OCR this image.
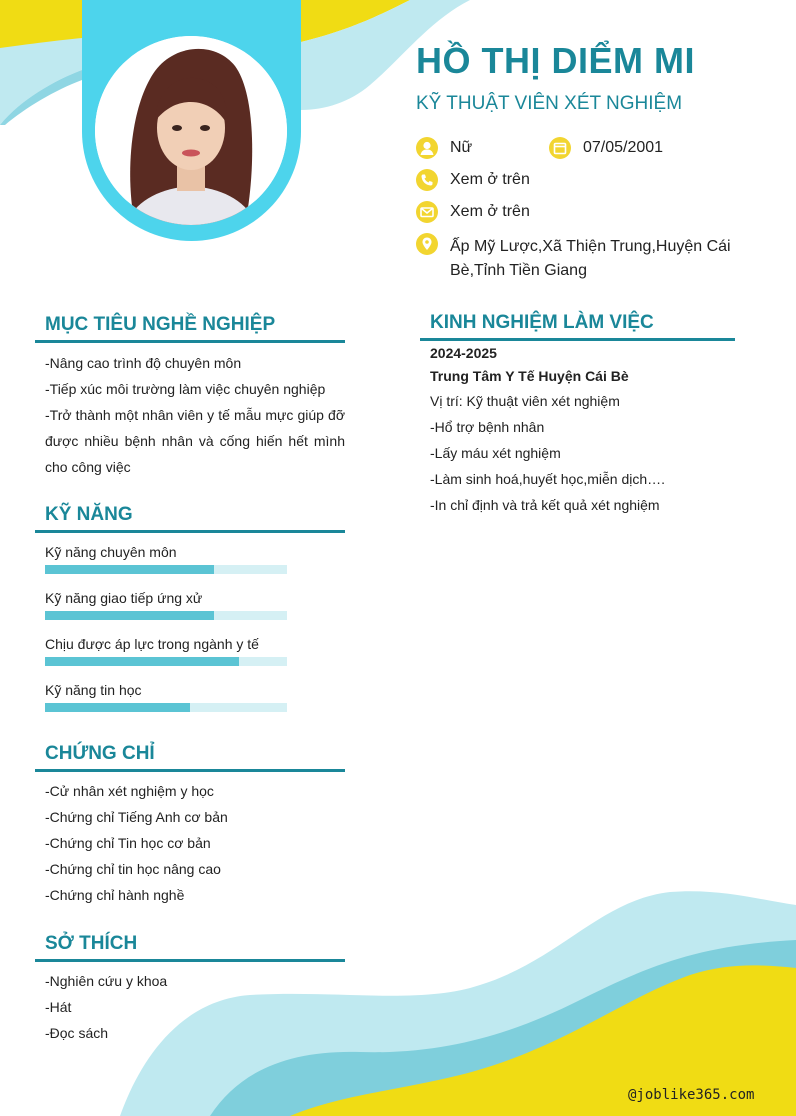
HỒ THỊ DIỂM MI
KỸ THUẬT VIÊN XÉT NGHIỆM
Nữ	07/05/2001
Xem ở trên
Xem ở trên
Ấp Mỹ Lược,Xã Thiện Trung,Huyện Cái
Bè,Tỉnh Tiền Giang
MỤC TIÊU NGHỀ NGHIỆP
-Nâng cao trình độ chuyên môn
-Tiếp xúc môi trường làm việc chuyên nghiệp
-Trở thành một nhân viên y tế mẫu mực giúp đỡ được nhiều bệnh nhân và cống hiến hết mình cho công việc
KỸ NĂNG
Kỹ năng chuyên môn
Kỹ năng giao tiếp ứng xử
Chịu được áp lực trong ngành y tế
Kỹ năng tin học
CHỨNG CHỈ
-Cử nhân xét nghiệm y học
-Chứng chỉ Tiếng Anh cơ bản
-Chứng chỉ Tin học cơ bản
-Chứng chỉ tin học nâng cao
-Chứng chỉ hành nghề
SỞ THÍCH
-Nghiên cứu y khoa
-Hát
-Đọc sách
KINH NGHIỆM LÀM VIỆC
2024-2025
Trung Tâm Y Tế Huyện Cái Bè
Vị trí: Kỹ thuật viên xét nghiệm
-Hổ trợ bệnh nhân
-Lấy máu xét nghiệm
-Làm sinh hoá,huyết học,miễn dịch….
-In chỉ định và trả kết quả xét nghiệm
@joblike365.com
